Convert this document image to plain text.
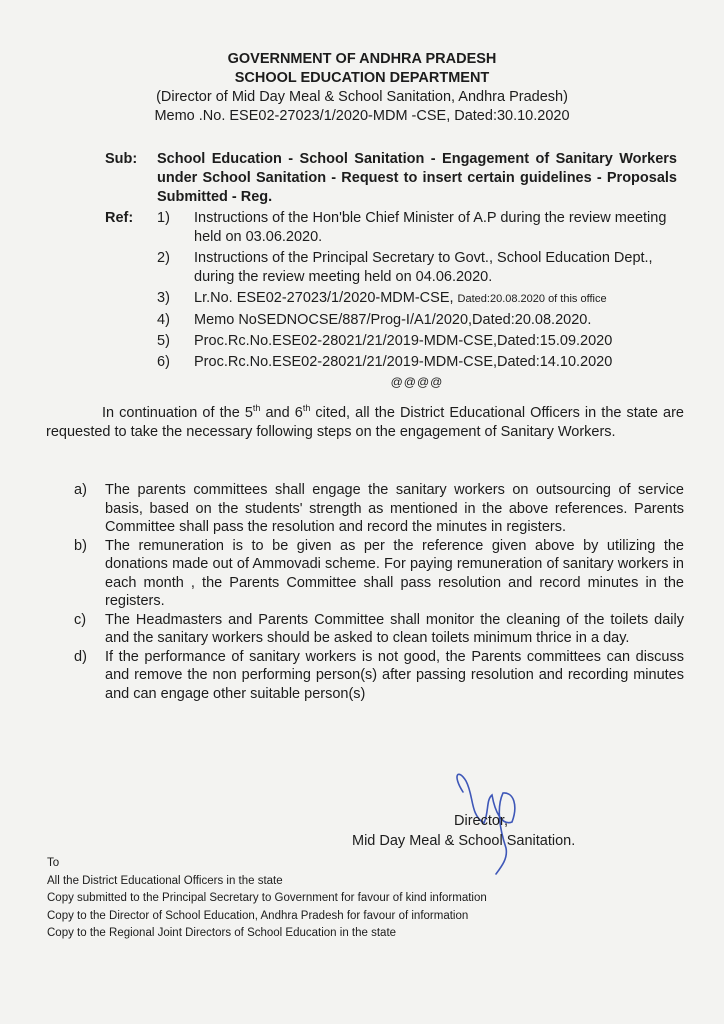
GOVERNMENT OF ANDHRA PRADESH
SCHOOL EDUCATION DEPARTMENT
(Director of Mid Day Meal & School Sanitation, Andhra Pradesh)
Memo .No. ESE02-27023/1/2020-MDM -CSE, Dated:30.10.2020
Sub: School Education - School Sanitation - Engagement of Sanitary Workers under School Sanitation - Request to insert certain guidelines - Proposals Submitted - Reg.
Ref: 1) Instructions of the Hon'ble Chief Minister of A.P during the review meeting held on 03.06.2020.
2) Instructions of the Principal Secretary to Govt., School Education Dept., during the review meeting held on 04.06.2020.
3) Lr.No. ESE02-27023/1/2020-MDM-CSE, Dated:20.08.2020 of this office
4) Memo NoSEDNOCSE/887/Prog-I/A1/2020,Dated:20.08.2020.
5) Proc.Rc.No.ESE02-28021/21/2019-MDM-CSE,Dated:15.09.2020
6) Proc.Rc.No.ESE02-28021/21/2019-MDM-CSE,Dated:14.10.2020
@@@@
In continuation of the 5th and 6th cited, all the District Educational Officers in the state are requested to take the necessary following steps on the engagement of Sanitary Workers.
a) The parents committees shall engage the sanitary workers on outsourcing of service basis, based on the students' strength as mentioned in the above references. Parents Committee shall pass the resolution and record the minutes in registers.
b) The remuneration is to be given as per the reference given above by utilizing the donations made out of Ammovadi scheme. For paying remuneration of sanitary workers in each month , the Parents Committee shall pass resolution and record minutes in the registers.
c) The Headmasters and Parents Committee shall monitor the cleaning of the toilets daily and the sanitary workers should be asked to clean toilets minimum thrice in a day.
d) If the performance of sanitary workers is not good, the Parents committees can discuss and remove the non performing person(s) after passing resolution and recording minutes and can engage other suitable person(s)
Director,
Mid Day Meal & School Sanitation.
To
All the District Educational Officers in the state
Copy submitted to the Principal Secretary to Government for favour of kind information
Copy to the Director of School Education, Andhra Pradesh for favour of information
Copy to the Regional Joint Directors of School Education in the state
